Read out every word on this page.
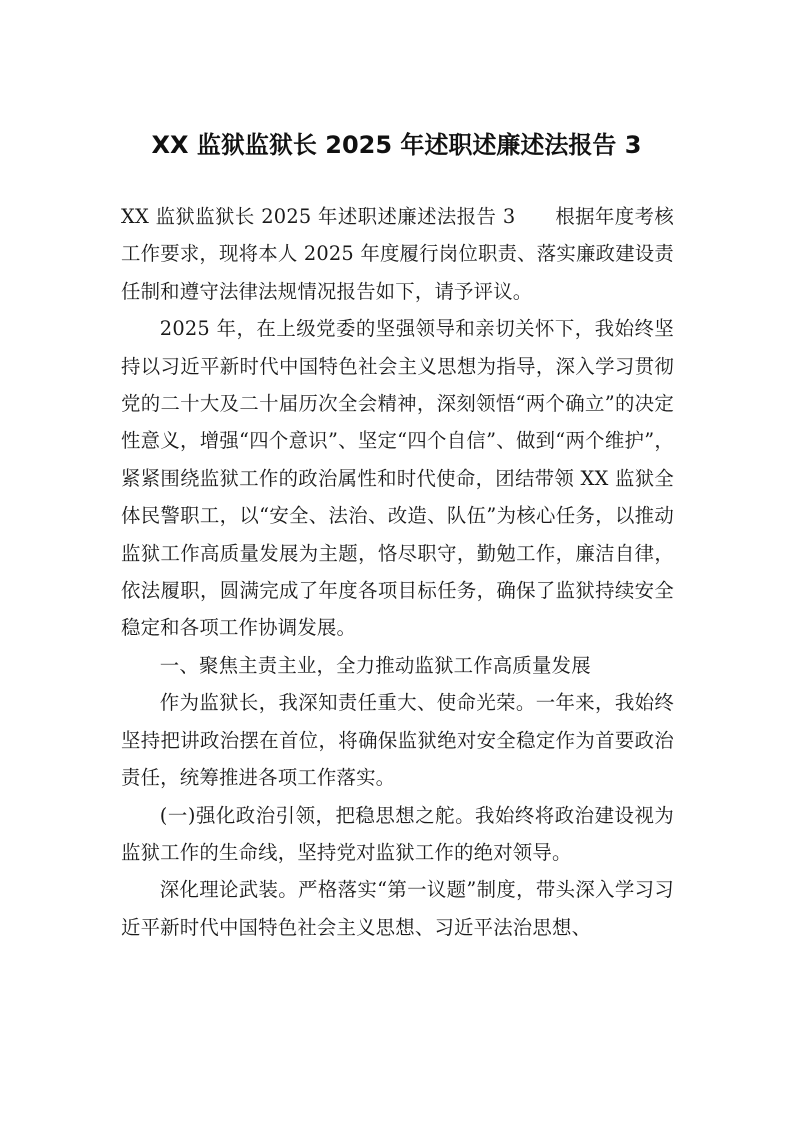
XX 监狱监狱长 2025 年述职述廉述法报告 3

XX 监狱监狱长 2025 年述职述廉述法报告 3　　根据年度考核工作要求，现将本人 2025 年度履行岗位职责、落实廉政建设责任制和遵守法律法规情况报告如下，请予评议。

2025 年，在上级党委的坚强领导和亲切关怀下，我始终坚持以习近平新时代中国特色社会主义思想为指导，深入学习贯彻党的二十大及二十届历次全会精神，深刻领悟“两个确立”的决定性意义，增强“四个意识”、坚定“四个自信”、做到“两个维护”，紧紧围绕监狱工作的政治属性和时代使命，团结带领 XX 监狱全体民警职工，以“安全、法治、改造、队伍”为核心任务，以推动监狱工作高质量发展为主题，恪尽职守，勤勉工作，廉洁自律，依法履职，圆满完成了年度各项目标任务，确保了监狱持续安全稳定和各项工作协调发展。

一、聚焦主责主业，全力推动监狱工作高质量发展

作为监狱长，我深知责任重大、使命光荣。一年来，我始终坚持把讲政治摆在首位，将确保监狱绝对安全稳定作为首要政治责任，统筹推进各项工作落实。

(一)强化政治引领，把稳思想之舵。我始终将政治建设视为监狱工作的生命线，坚持党对监狱工作的绝对领导。

深化理论武装。严格落实“第一议题”制度，带头深入学习习近平新时代中国特色社会主义思想、习近平法治思想、
